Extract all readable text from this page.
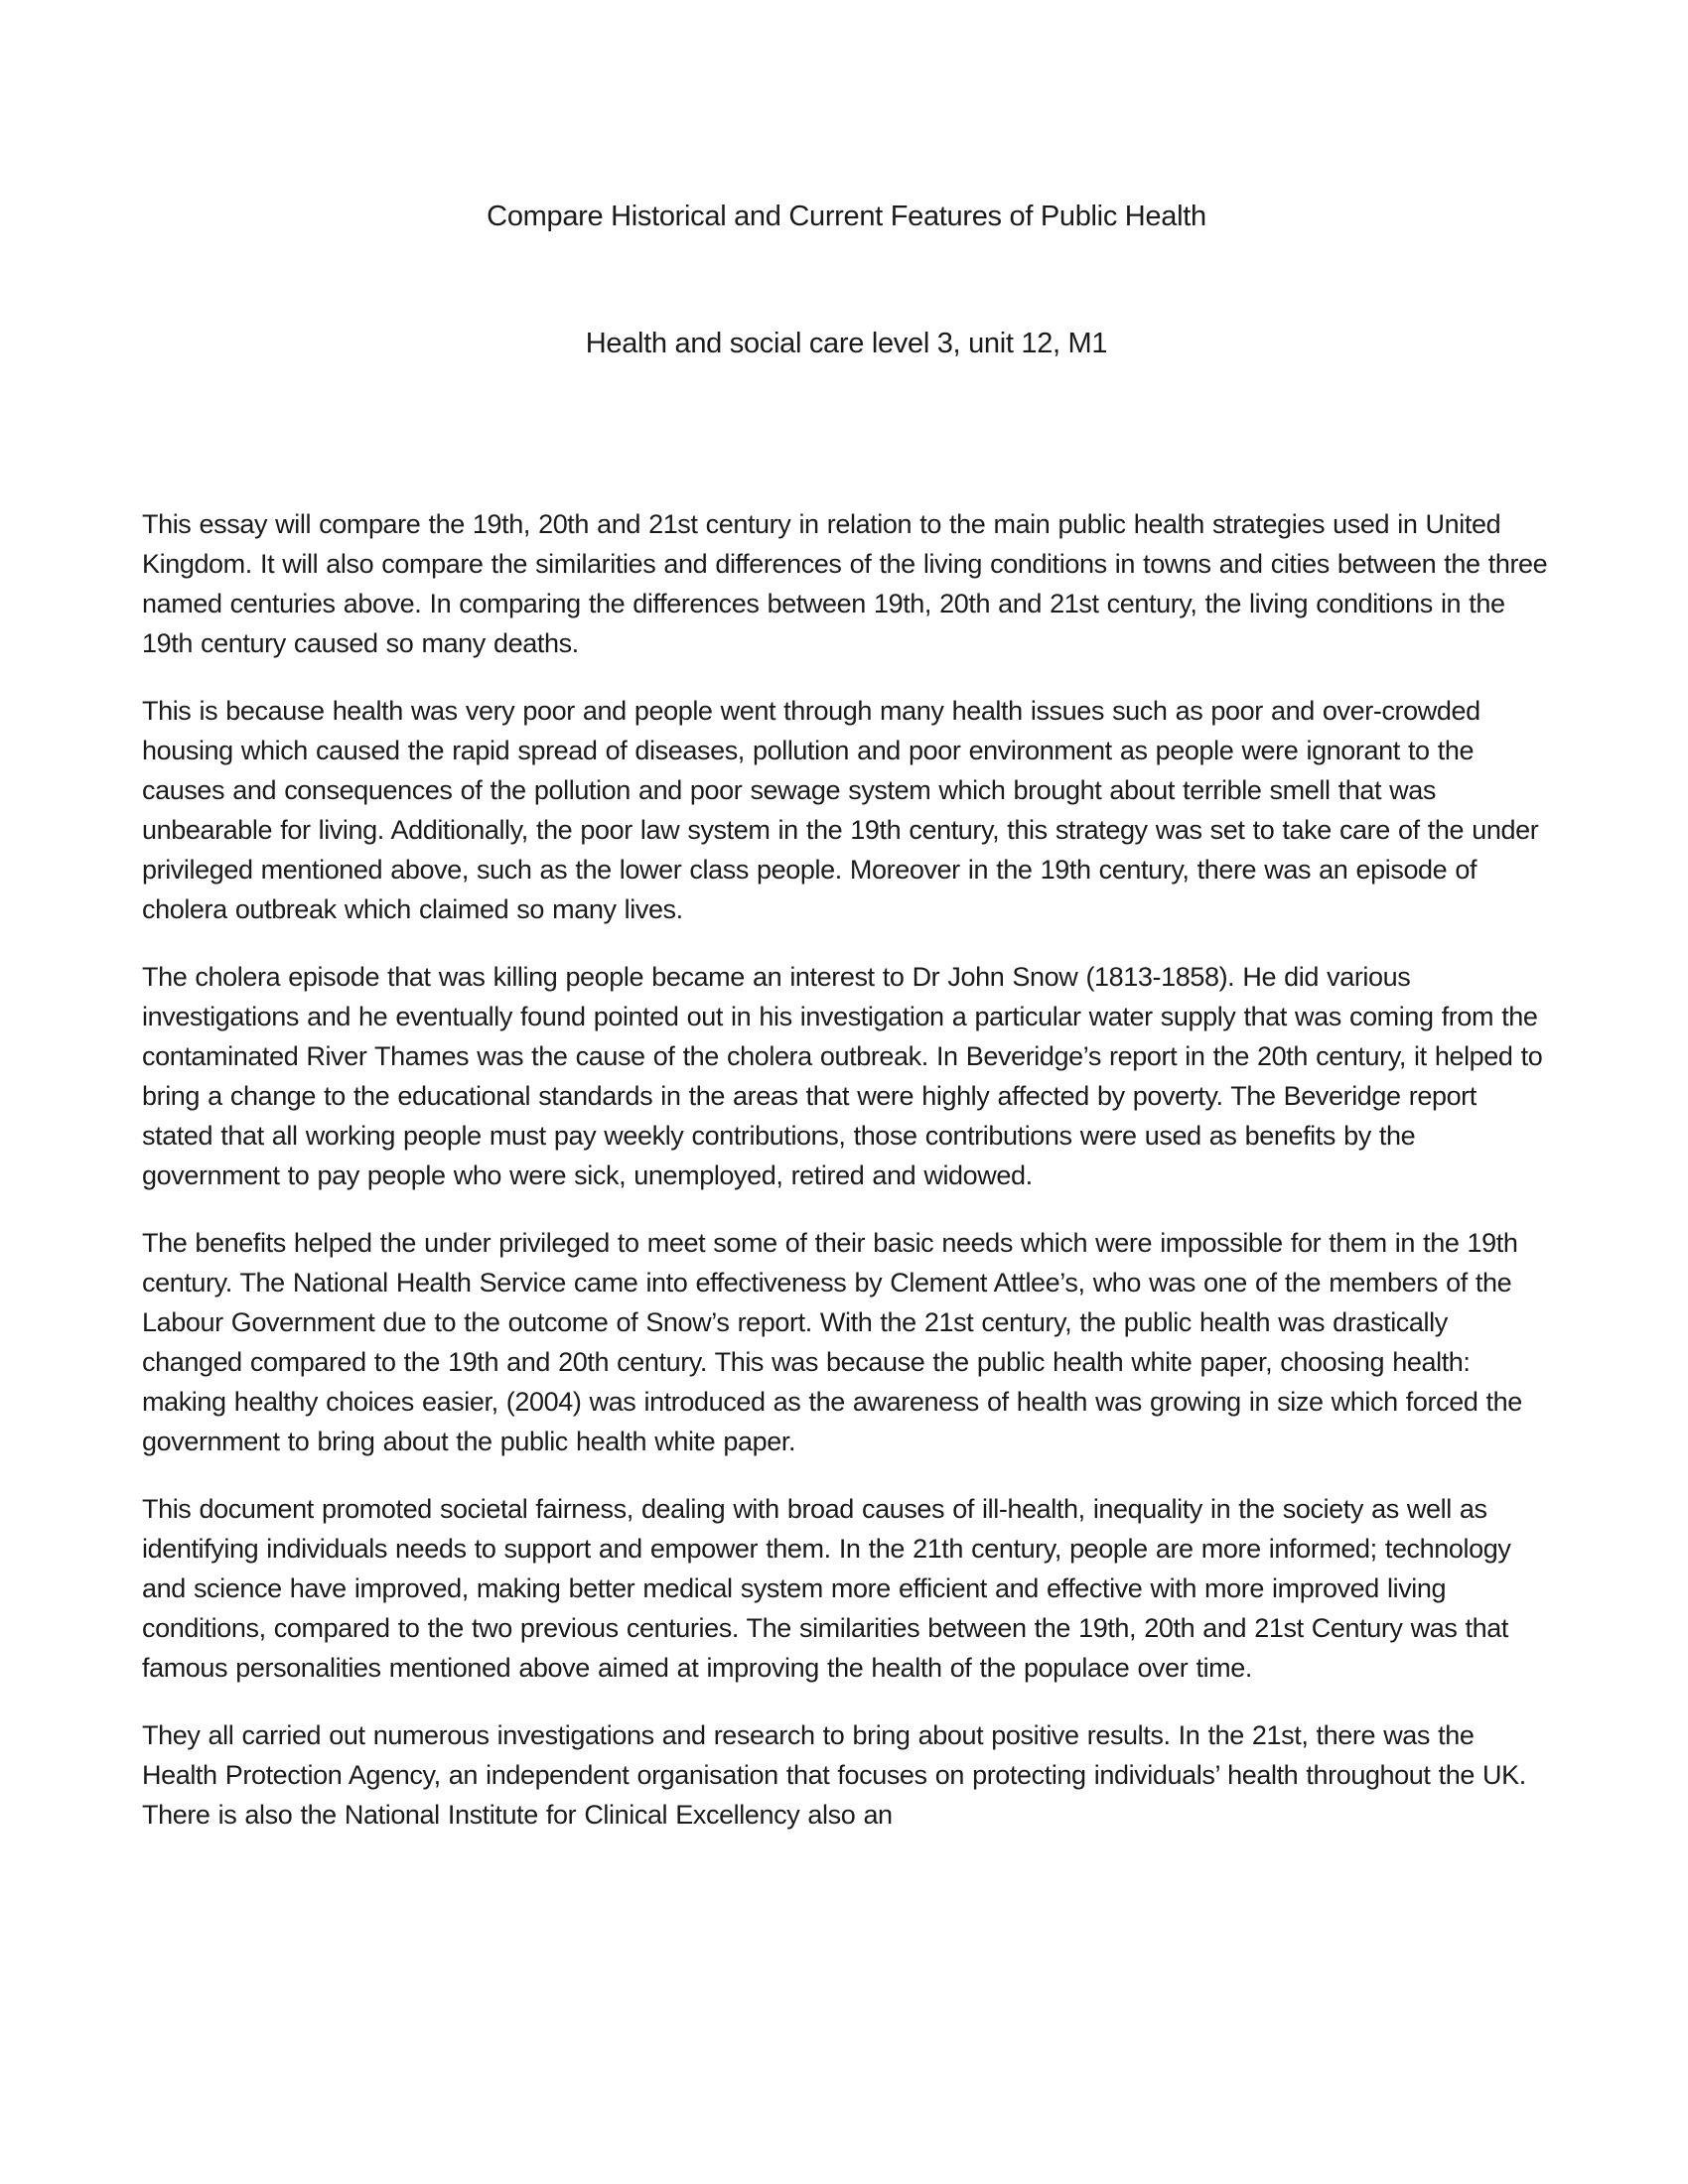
Compare Historical and Current Features of Public Health
Health and social care level 3, unit 12, M1

This essay will compare the 19th, 20th and 21st century in relation to the main public health strategies used in United Kingdom. It will also compare the similarities and differences of the living conditions in towns and cities between the three named centuries above. In comparing the differences between 19th, 20th and 21st century, the living conditions in the 19th century caused so many deaths.

This is because health was very poor and people went through many health issues such as poor and over-crowded housing which caused the rapid spread of diseases, pollution and poor environment as people were ignorant to the causes and consequences of the pollution and poor sewage system which brought about terrible smell that was unbearable for living. Additionally, the poor law system in the 19th century, this strategy was set to take care of the under privileged mentioned above, such as the lower class people. Moreover in the 19th century, there was an episode of cholera outbreak which claimed so many lives.

The cholera episode that was killing people became an interest to Dr John Snow (1813-1858). He did various investigations and he eventually found pointed out in his investigation a particular water supply that was coming from the contaminated River Thames was the cause of the cholera outbreak. In Beveridge’s report in the 20th century, it helped to bring a change to the educational standards in the areas that were highly affected by poverty. The Beveridge report stated that all working people must pay weekly contributions, those contributions were used as benefits by the government to pay people who were sick, unemployed, retired and widowed.

The benefits helped the under privileged to meet some of their basic needs which were impossible for them in the 19th century. The National Health Service came into effectiveness by Clement Attlee’s, who was one of the members of the Labour Government due to the outcome of Snow’s report. With the 21st century, the public health was drastically changed compared to the 19th and 20th century. This was because the public health white paper, choosing health: making healthy choices easier, (2004) was introduced as the awareness of health was growing in size which forced the government to bring about the public health white paper.

This document promoted societal fairness, dealing with broad causes of ill-health, inequality in the society as well as identifying individuals needs to support and empower them. In the 21th century, people are more informed; technology and science have improved, making better medical system more efficient and effective with more improved living conditions, compared to the two previous centuries. The similarities between the 19th, 20th and 21st Century was that famous personalities mentioned above aimed at improving the health of the populace over time.

They all carried out numerous investigations and research to bring about positive results. In the 21st, there was the Health Protection Agency, an independent organisation that focuses on protecting individuals’ health throughout the UK. There is also the National Institute for Clinical Excellency also an
